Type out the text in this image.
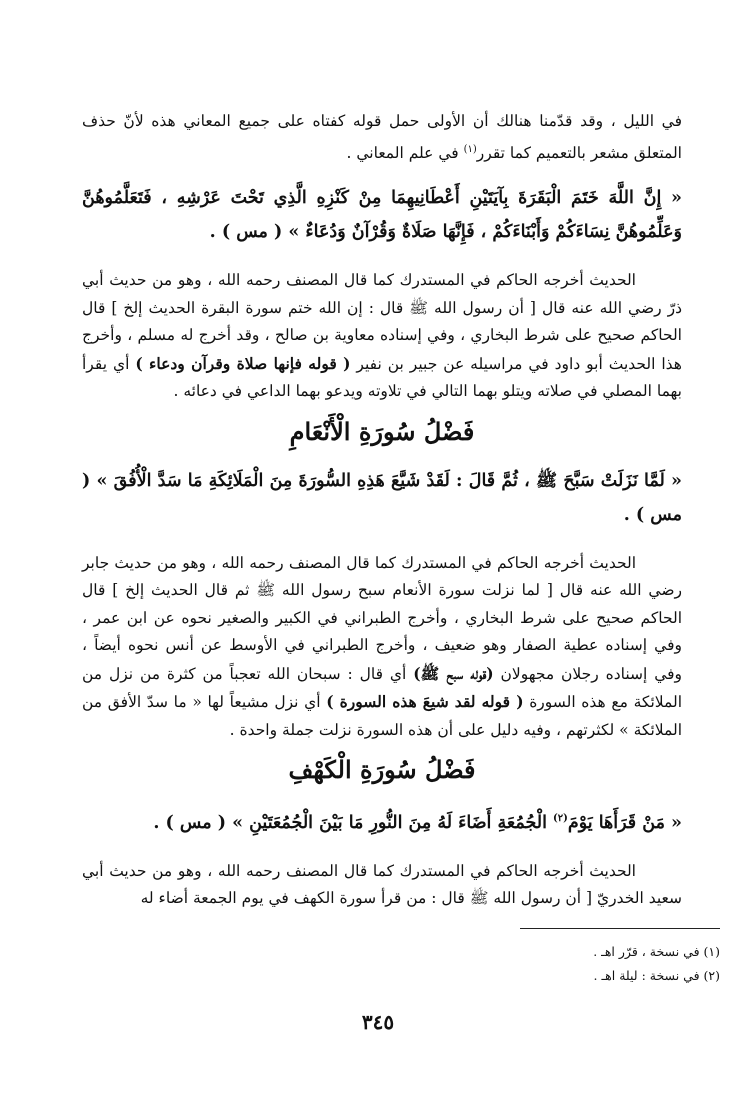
في الليل ، وقد قدّمنا هنالك أن الأولى حمل قوله كفتاه على جميع المعاني هذه لأنّ حذف المتعلق مشعر بالتعميم كما تقرر$^{(١)}$ في علم المعاني .

« إِنَّ اللَّهَ خَتَمَ الْبَقَرَةَ بِآيَتَيْنِ أَعْطَانِيهِمَا مِنْ كَنْزِهِ الَّذِي تَحْتَ عَرْشِهِ ، فَتَعَلَّمُوهُنَّ وَعَلِّمُوهُنَّ نِسَاءَكُمْ وَأَبْنَاءَكُمْ ، فَإِنَّهَا صَلَاةٌ وَقُرْآنٌ وَدُعَاءٌ » ( مس ) .

الحديث أخرجه الحاكم في المستدرك كما قال المصنف رحمه الله ، وهو من حديث أبي ذرّ رضي الله عنه قال [ أن رسول الله ﷺ قال : إن الله ختم سورة البقرة الحديث إلخ ] قال الحاكم صحيح على شرط البخاري ، وفي إسناده معاوية بن صالح ، وقد أخرج له مسلم ، وأخرج هذا الحديث أبو داود في مراسيله عن جبير بن نفير ( قوله فإنها صلاة وقرآن ودعاء ) أي يقرأ بهما المصلي في صلاته ويتلو بهما التالي في تلاوته ويدعو بهما الداعي في دعائه .

فَضْلُ سُورَةِ الْأَنْعَامِ

« لَمَّا نَزَلَتْ سَبَّحَ ﷺ ، ثُمَّ قَالَ : لَقَدْ شَيَّعَ هَذِهِ السُّورَةَ مِنَ الْمَلَائِكَةِ مَا سَدَّ الْأُفُقَ » ( مس ) .

الحديث أخرجه الحاكم في المستدرك كما قال المصنف رحمه الله ، وهو من حديث جابر رضي الله عنه قال [ لما نزلت سورة الأنعام سبح رسول الله ﷺ ثم قال الحديث إلخ ] قال الحاكم صحيح على شرط البخاري ، وأخرج الطبراني في الكبير والصغير نحوه عن ابن عمر ، وفي إسناده عطية الصفار وهو ضعيف ، وأخرج الطبراني في الأوسط عن أنس نحوه أيضاً ، وفي إسناده رجلان مجهولان (قوله سبح ﷺ) أي قال : سبحان الله تعجباً من كثرة من نزل من الملائكة مع هذه السورة ( قوله لقد شيعَ هذه السورة ) أي نزل مشيعاً لها « ما سدّ الأفق من الملائكة » لكثرتهم ، وفيه دليل على أن هذه السورة نزلت جملة واحدة .

فَضْلُ سُورَةِ الْكَهْفِ

« مَنْ قَرَأَهَا يَوْمَ$^{(٢)}$ الْجُمُعَةِ أَضَاءَ لَهُ مِنَ النُّورِ مَا بَيْنَ الْجُمُعَتَيْنِ » ( مس ) .

الحديث أخرجه الحاكم في المستدرك كما قال المصنف رحمه الله ، وهو من حديث أبي سعيد الخدريّ [ أن رسول الله ﷺ قال : من قرأ سورة الكهف في يوم الجمعة أضاء له

(١) في نسخة ، قرّر اهـ .
(٢) في نسخة : ليلة اهـ .
٣٤٥
